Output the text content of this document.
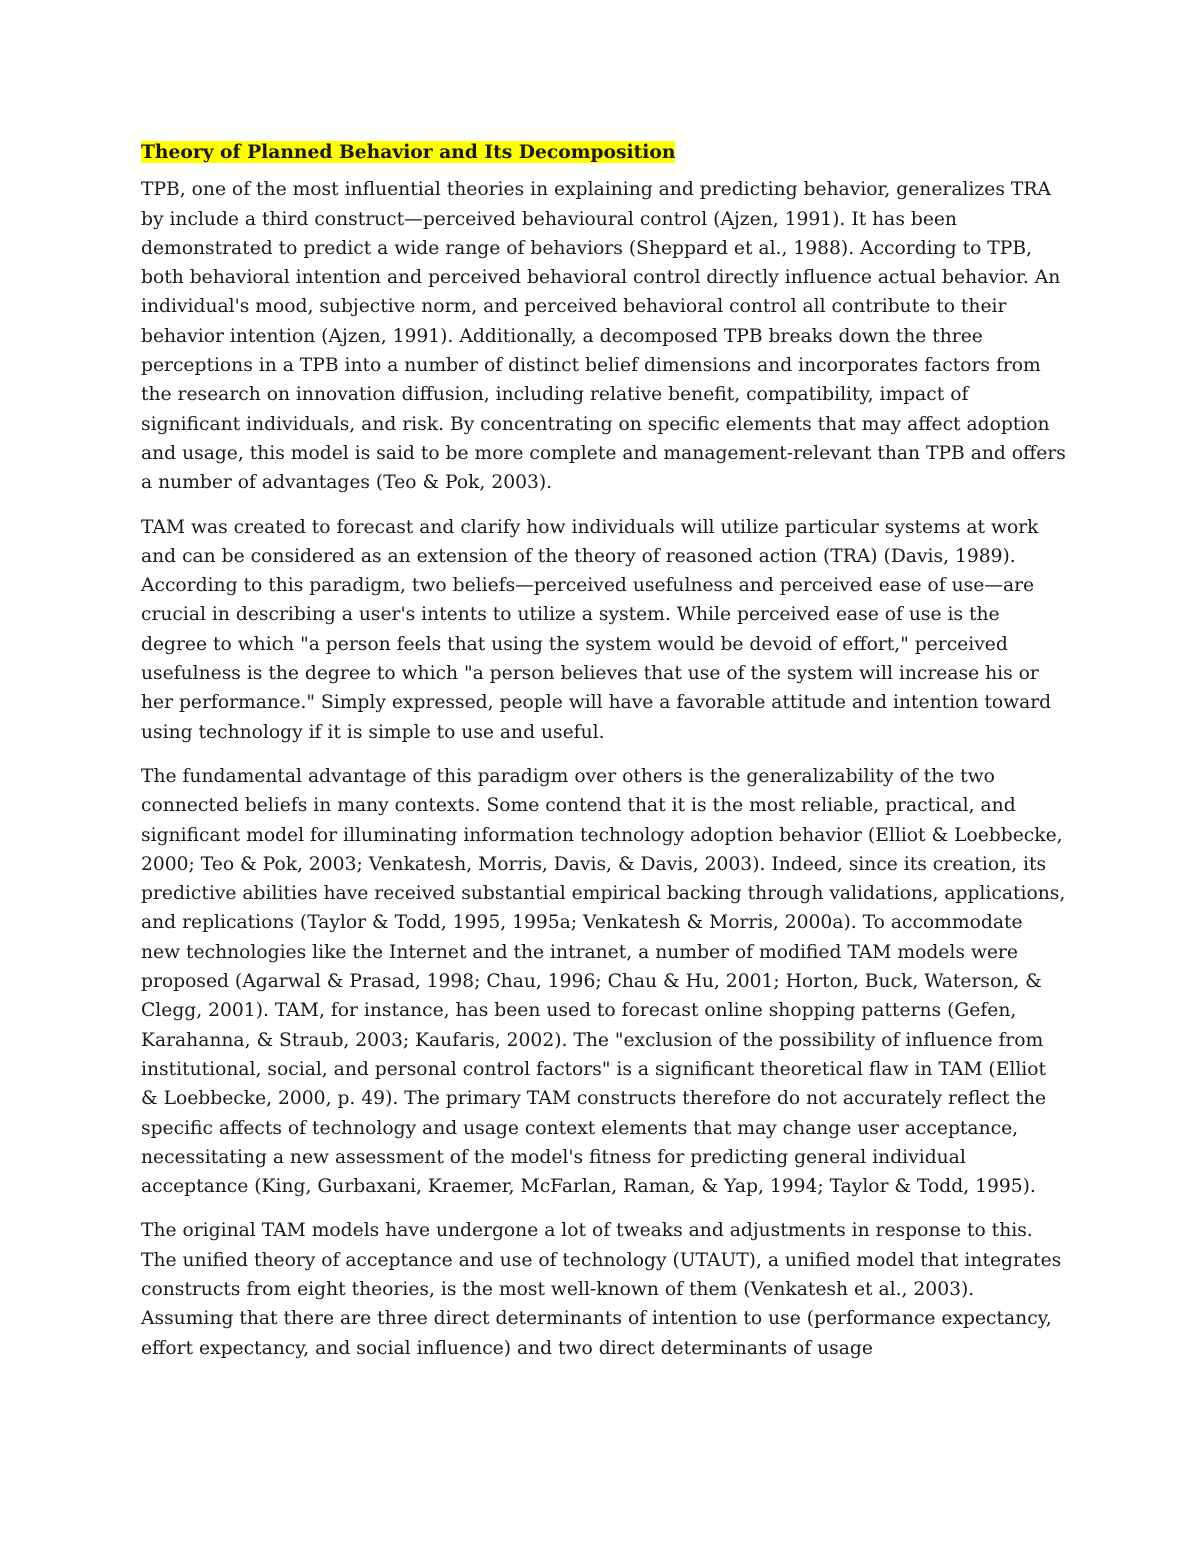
Theory of Planned Behavior and Its Decomposition

TPB, one of the most influential theories in explaining and predicting behavior, generalizes TRA by include a third construct—perceived behavioural control (Ajzen, 1991). It has been demonstrated to predict a wide range of behaviors (Sheppard et al., 1988). According to TPB, both behavioral intention and perceived behavioral control directly influence actual behavior. An individual's mood, subjective norm, and perceived behavioral control all contribute to their behavior intention (Ajzen, 1991). Additionally, a decomposed TPB breaks down the three perceptions in a TPB into a number of distinct belief dimensions and incorporates factors from the research on innovation diffusion, including relative benefit, compatibility, impact of significant individuals, and risk. By concentrating on specific elements that may affect adoption and usage, this model is said to be more complete and management-relevant than TPB and offers a number of advantages (Teo & Pok, 2003).

TAM was created to forecast and clarify how individuals will utilize particular systems at work and can be considered as an extension of the theory of reasoned action (TRA) (Davis, 1989). According to this paradigm, two beliefs—perceived usefulness and perceived ease of use—are crucial in describing a user's intents to utilize a system. While perceived ease of use is the degree to which "a person feels that using the system would be devoid of effort," perceived usefulness is the degree to which "a person believes that use of the system will increase his or her performance." Simply expressed, people will have a favorable attitude and intention toward using technology if it is simple to use and useful.

The fundamental advantage of this paradigm over others is the generalizability of the two connected beliefs in many contexts. Some contend that it is the most reliable, practical, and significant model for illuminating information technology adoption behavior (Elliot & Loebbecke, 2000; Teo & Pok, 2003; Venkatesh, Morris, Davis, & Davis, 2003). Indeed, since its creation, its predictive abilities have received substantial empirical backing through validations, applications, and replications (Taylor & Todd, 1995, 1995a; Venkatesh & Morris, 2000a). To accommodate new technologies like the Internet and the intranet, a number of modified TAM models were proposed (Agarwal & Prasad, 1998; Chau, 1996; Chau & Hu, 2001; Horton, Buck, Waterson, & Clegg, 2001). TAM, for instance, has been used to forecast online shopping patterns (Gefen, Karahanna, & Straub, 2003; Kaufaris, 2002). The "exclusion of the possibility of influence from institutional, social, and personal control factors" is a significant theoretical flaw in TAM (Elliot & Loebbecke, 2000, p. 49). The primary TAM constructs therefore do not accurately reflect the specific affects of technology and usage context elements that may change user acceptance, necessitating a new assessment of the model's fitness for predicting general individual acceptance (King, Gurbaxani, Kraemer, McFarlan, Raman, & Yap, 1994; Taylor & Todd, 1995).

The original TAM models have undergone a lot of tweaks and adjustments in response to this. The unified theory of acceptance and use of technology (UTAUT), a unified model that integrates constructs from eight theories, is the most well-known of them (Venkatesh et al., 2003). Assuming that there are three direct determinants of intention to use (performance expectancy, effort expectancy, and social influence) and two direct determinants of usage
